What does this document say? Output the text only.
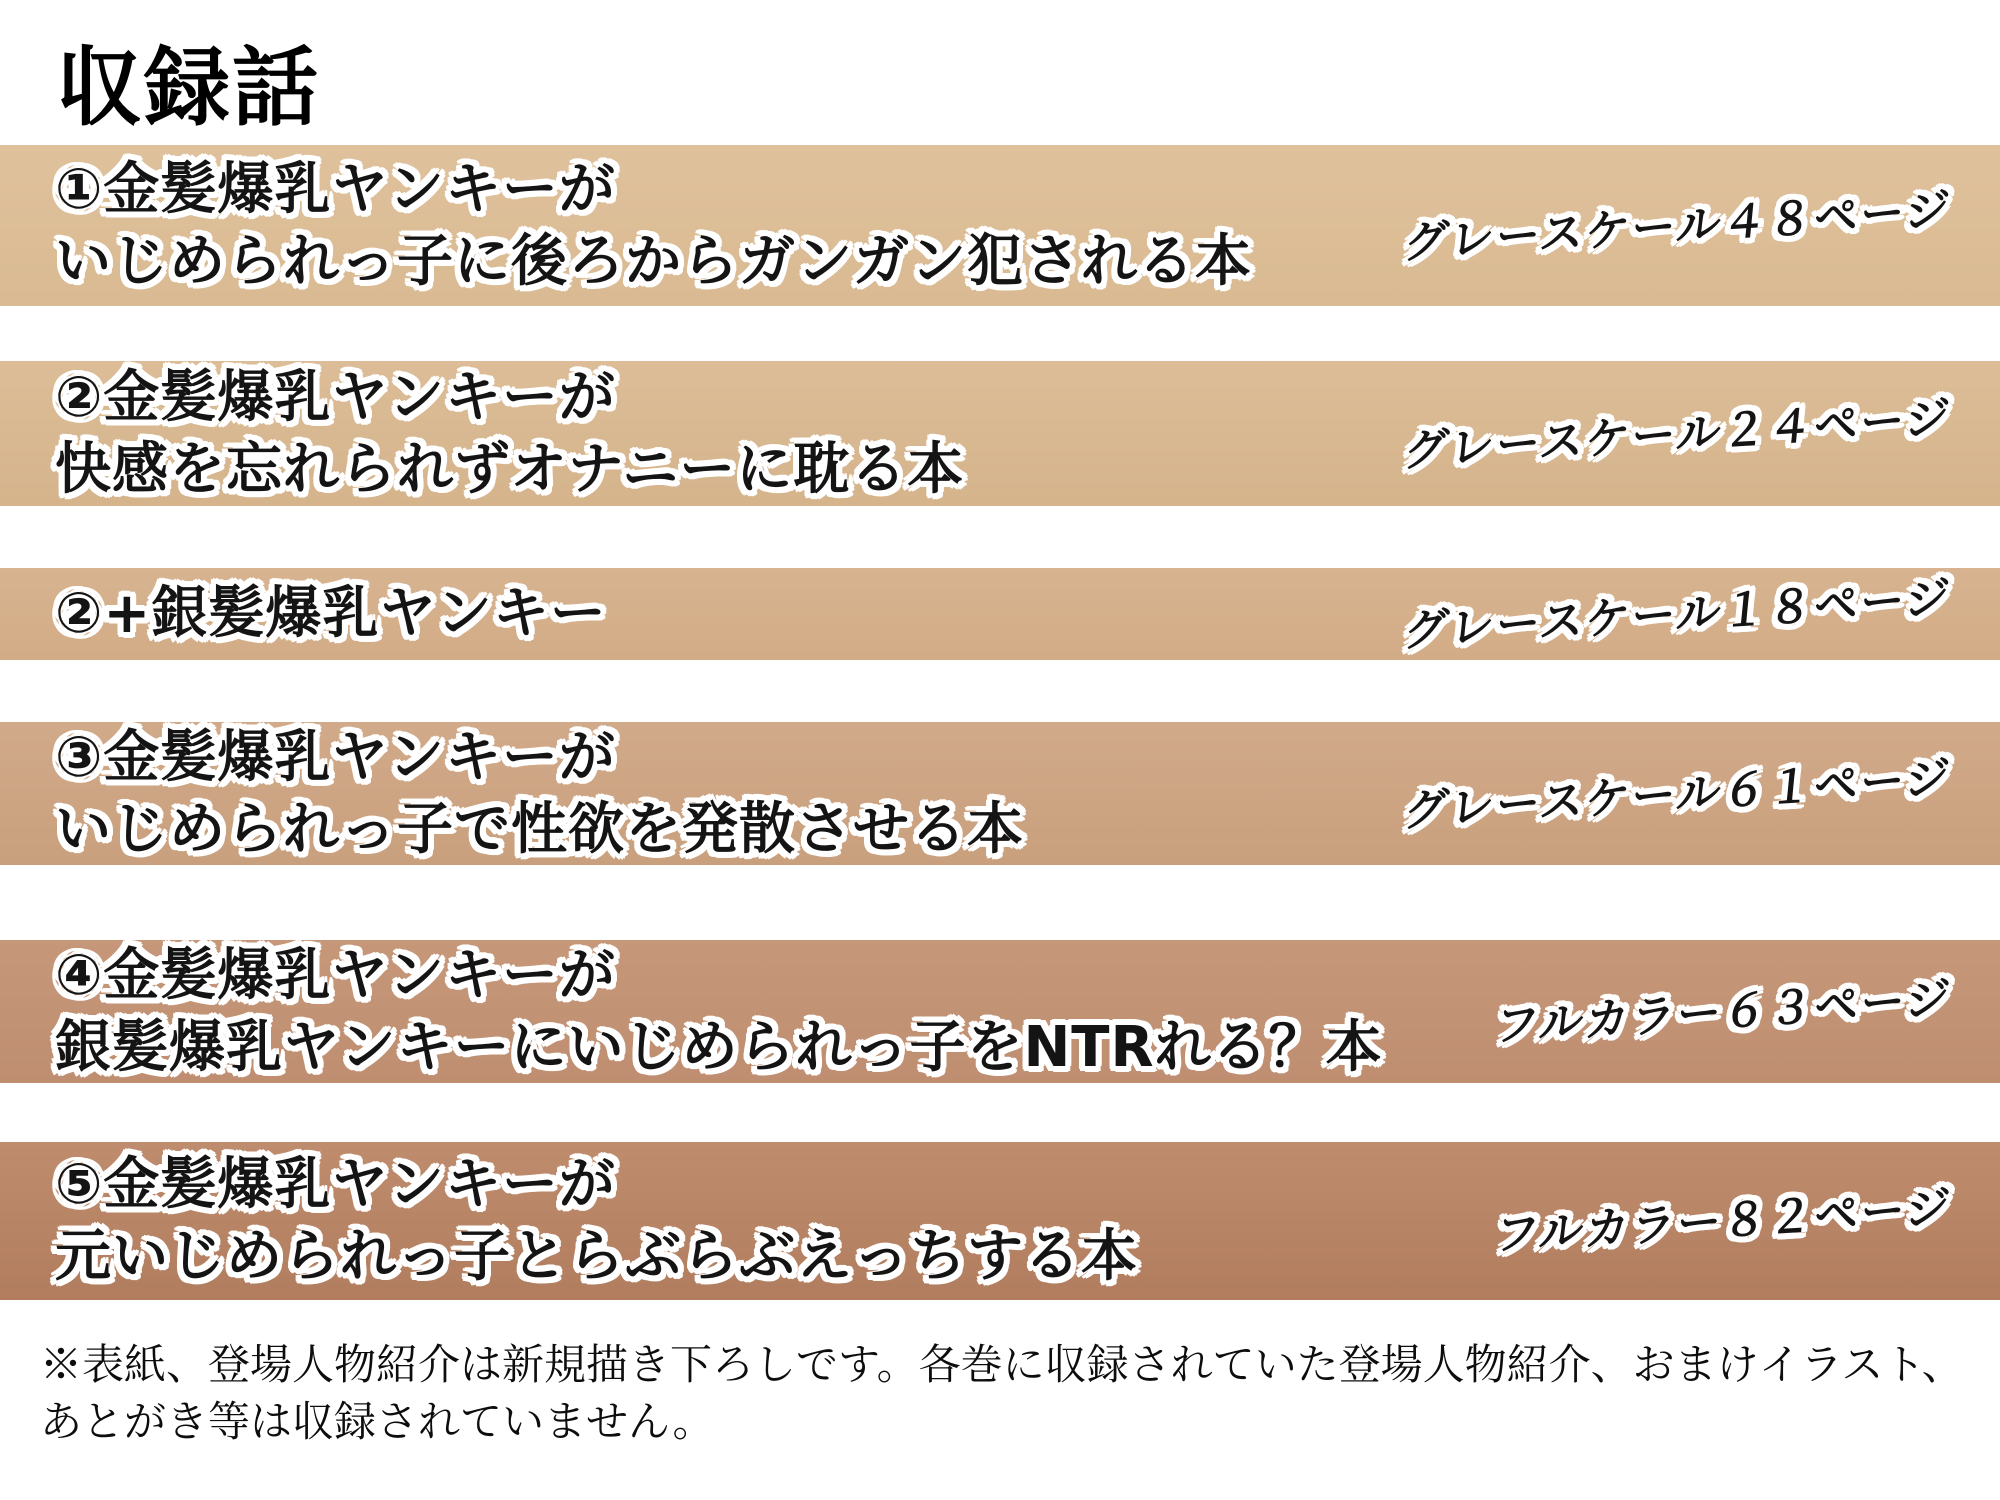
収録話
①金髪爆乳ヤンキーが
いじめられっ子に後ろからガンガン犯される本	グレースケール４８ページ
②金髪爆乳ヤンキーが
快感を忘れられずオナニーに耽る本	グレースケール２４ページ
②+銀髪爆乳ヤンキー	グレースケール１８ページ
③金髪爆乳ヤンキーが
いじめられっ子で性欲を発散させる本	グレースケール６１ページ
④金髪爆乳ヤンキーが
銀髪爆乳ヤンキーにいじめられっ子をNTRれる？本 フルカラー６３ページ
⑤金髪爆乳ヤンキーが
元いじめられっ子とらぶらぶえっちする本	フルカラー８２ページ
※表紙、登場人物紹介は新規描き下ろしです。各巻に収録されていた登場人物紹介、おまけイラスト、
あとがき等は収録されていません。
